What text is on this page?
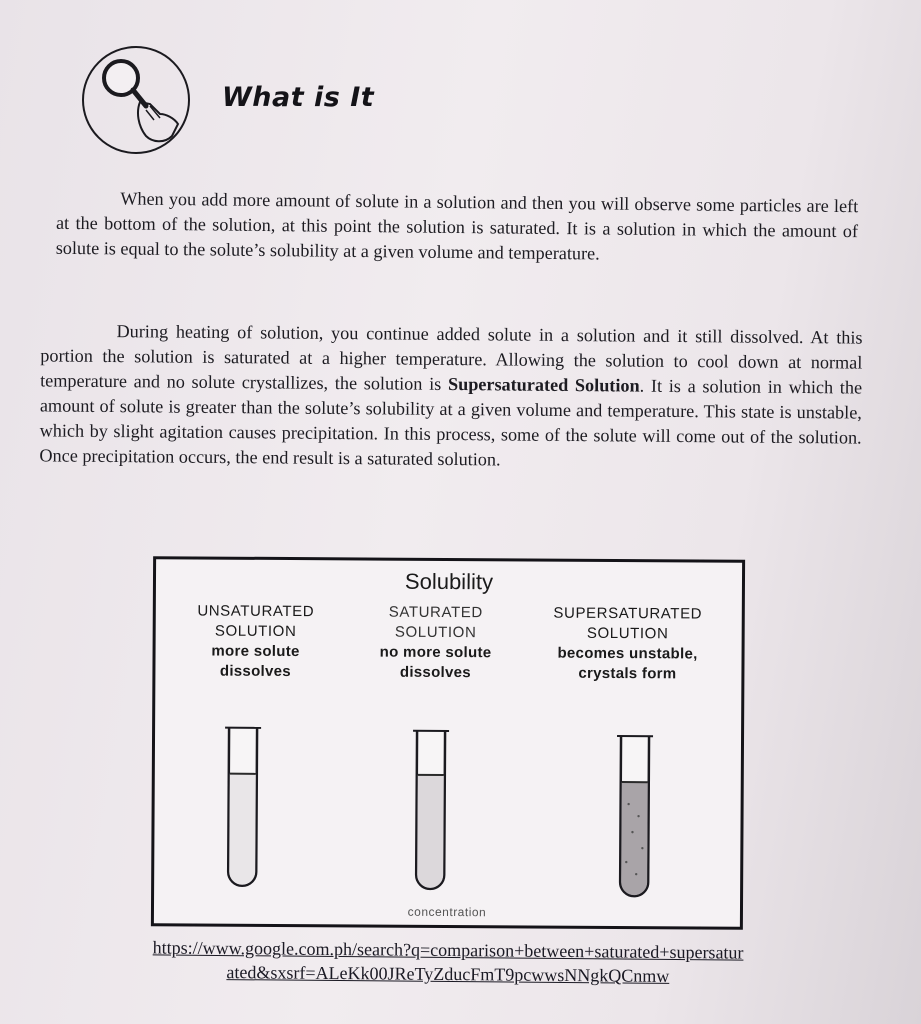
What is It

When you add more amount of solute in a solution and then you will observe some particles are left at the bottom of the solution, at this point the solution is saturated. It is a solution in which the amount of solute is equal to the solute’s solubility at a given volume and temperature.

During heating of solution, you continue added solute in a solution and it still dissolved. At this portion the solution is saturated at a higher temperature. Allowing the solution to cool down at normal temperature and no solute crystallizes, the solution is Supersaturated Solution. It is a solution in which the amount of solute is greater than the solute’s solubility at a given volume and temperature. This state is unstable, which by slight agitation causes precipitation. In this process, some of the solute will come out of the solution. Once precipitation occurs, the end result is a saturated solution.

Solubility
UNSATURATED
SOLUTION
more solute
dissolves
SATURATED
SOLUTION
no more solute
dissolves
SUPERSATURATED
SOLUTION
becomes unstable,
crystals form
concentration
https://www.google.com.ph/search?q=comparison+between+saturated+supersatur
ated&sxsrf=ALeKk00JReTyZducFmT9pcwwsNNgkQCnmw
